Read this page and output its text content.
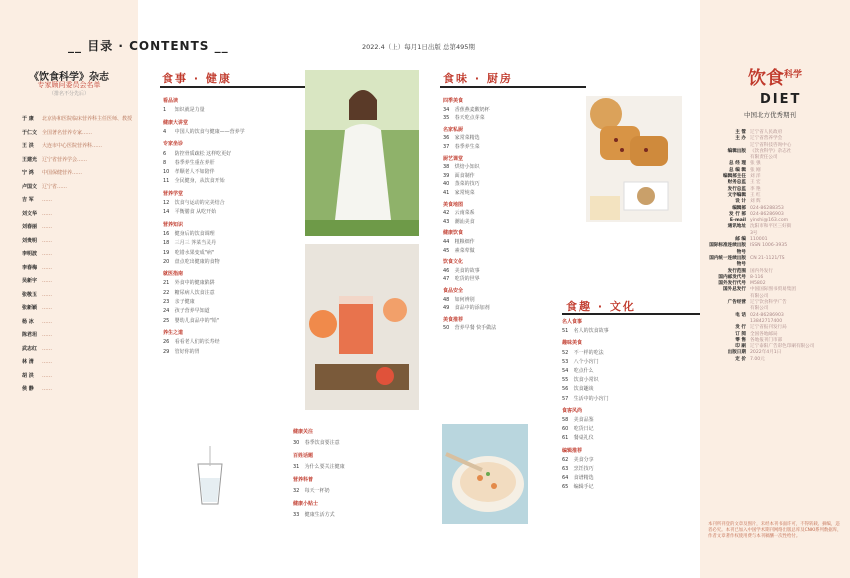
《饮食科学》杂志
专家顾问委员会名单
（排名不分先后）
于 康	北京协和医院临床营养科主任医师、教授
于仁文 全国著名营养专家……
王 洪	大连市中心医院营养科……
王建光 辽宁省营养学会……
宁 鸿	中国保健营养……
卢国文 辽宁省……
吉 军	……
刘文华 ……
刘春丽 ……
刘贵明 ……
李明波 ……
李春梅 ……
吴新宇 ……
张敬玉 ……
张新颖 ……
杨 冰	……
陈君坦 ……
武志红 ……
林 清	……
胡 洪	……
侯 静	……
__ 目录 · CONTENTS __	2022.4（上）每月1日出版 总第495期
食事 · 健康	食味 · 厨房
食趣 · 文化
看品读
1 知识就是力量
健康大讲堂
4 中国人的饮食与健康——营养学
专家坐诊
6 防控骨质疏松 这样吃更好
8 春季养生重在养肝
10 孝顺老人不如陪伴
11 全民健身，从饮食开始
营养学堂
12 饮食与运动的完美结合
14 平衡膳食 从吃开始
营养知识
16 健身后的饮食调理
18 三月三 荠菜当灵丹
19 吃错水果变成"病"
20 盘点吃出健康的食物
就医指南
21 外食中的健康陷阱
22 糖尿病人饮食注意
23 亲子健康
24 孩子营养早知道
25 婴幼儿食品中的"铅"
养生之道
26 看看老人们的长寿经
29 管好你的胃
四季美食
34 香蕉燕麦酸奶杯
35 春天吃点芽菜
名家私厨
36 家常菜精选
37 春季养生菜
厨艺课堂
38 烘焙小知识
39 面食制作
40 蒸菜的技巧
41 家常炖菜
美食地图
42 云南菜系
43 潮汕美食
健康饮食
44 粗粮细作
45 素菜荤做
饮食文化
46 美食的故事
47 吃货的世界
食品安全
48 如何辨别
49 食品中的添加剂
美食推荐
50 营养早餐 快手做法
名人食事
51 名人的饮食故事
趣味美食
52 不一样的吃法
53 八个小窍门
54 吃点什么
55 饮食小常识
56 饮食趣谈
57 生活中的小窍门
食客风尚
58 美食品鉴
60 吃货日记
61 餐桌礼仪
编辑推荐
62 美食分享
63 烹饪技巧
64 食谱精选
65 编辑手记
健康关注
30 春季饮食要注意
百姓话题
31 为什么要关注健康
营养科普
32 每天一杯奶
健康小贴士
33 健康生活方式
饮食$^{科学}$
DIET
中国北方优秀期刊
主 管 辽宁省人民政府
主 办 辽宁省营养学会
辽宁省科技咨询中心
编辑出版 《饮食科学》杂志社
有限责任公司
总 经 理 张 强
总 编 辑 张 刚
编辑部主任 刘 洋
财务总监 王 宏
发行总监 李 艳
文字编辑 王 红
设 计 刘 辉
编辑部 024-86288353
发 行 部 024-86286903
E-mail yinshi@163.com
通讯地址 沈阳市和平区三好街
3号
邮 编 110001
国际标准连续出版物号
ISSN 1006-3935
国内统一连续出版物号
CN 21-1121/TS
发行范围 国内外发行
国内邮发代号 8-116
国外发行代号 M5802
国外总发行 中国国际图书贸易集团
有限公司
广告经营 辽宁饮食科学广告
有限公司
电 话 024-86286903
13842717400
发 行 辽宁省报刊发行局
订 阅 全国各地邮局
零 售 各地报刊门市部
印 刷 辽宁泰阳广告彩色印刷有限公司
出版日期 2022年4月1日
定 价 7.00元
本刊所刊登的文章及图片，未经本刊书面许可，不得转载、摘编，违者必究。本刊已加入中国学术期刊网络出版总库及CNKI系列数据库，作者文章著作权使用费与本刊稿酬一次性给付。
